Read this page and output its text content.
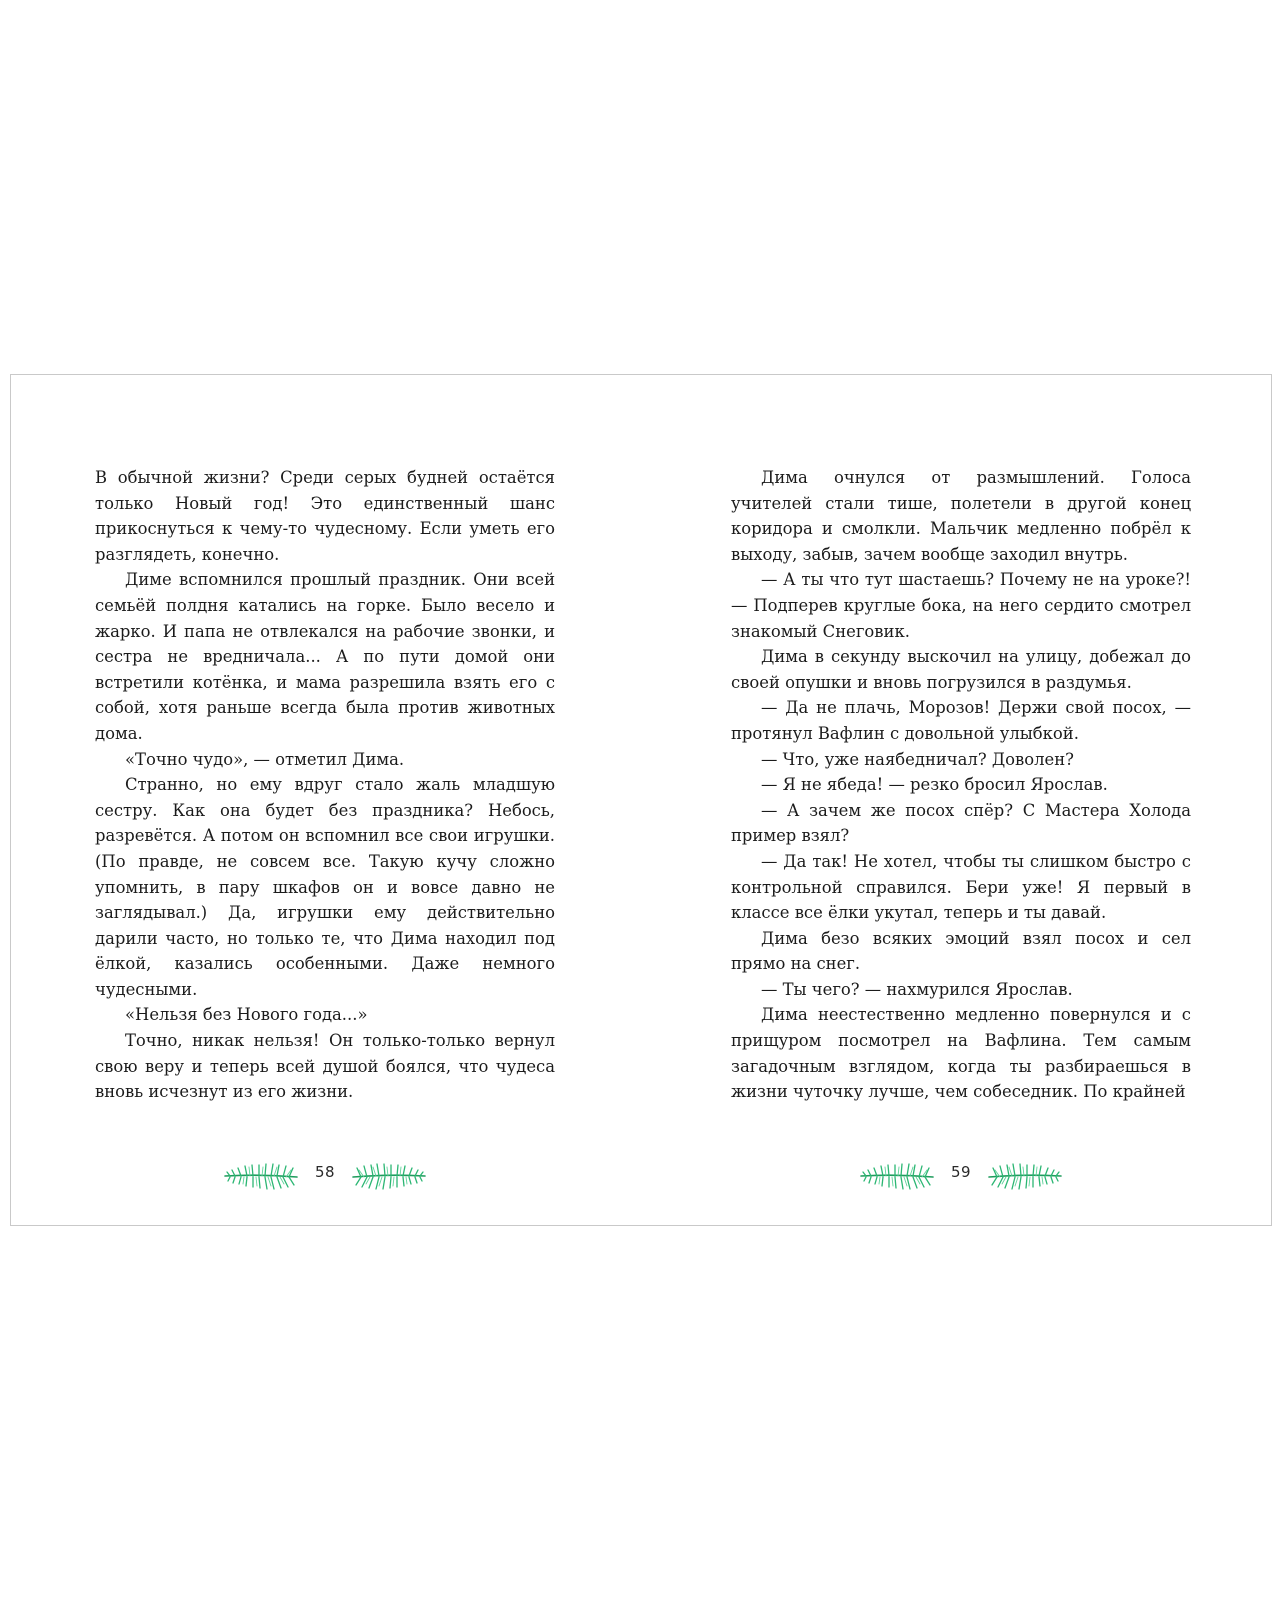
В обычной жизни? Среди серых будней остаётся только Новый год! Это единственный шанс прикоснуться к чему-то чудесному. Если уметь его разглядеть, конечно.

Диме вспомнился прошлый праздник. Они всей семьёй полдня катались на горке. Было весело и жарко. И папа не отвлекался на рабочие звонки, и сестра не вредничала... А по пути домой они встретили котёнка, и мама разрешила взять его с собой, хотя раньше всегда была против животных дома.

«Точно чудо», — отметил Дима.

Странно, но ему вдруг стало жаль младшую сестру. Как она будет без праздника? Небось, разревётся. А потом он вспомнил все свои игрушки. (По правде, не совсем все. Такую кучу сложно упомнить, в пару шкафов он и вовсе давно не заглядывал.) Да, игрушки ему действительно дарили часто, но только те, что Дима находил под ёлкой, казались особенными. Даже немного чудесными.

«Нельзя без Нового года...»

Точно, никак нельзя! Он только-только вернул свою веру и теперь всей душой боялся, что чудеса вновь исчезнут из его жизни.

Дима очнулся от размышлений. Голоса учителей стали тише, полетели в другой конец коридора и смолкли. Мальчик медленно побрёл к выходу, забыв, зачем вообще заходил внутрь.

— А ты что тут шастаешь? Почему не на уроке?! — Подперев круглые бока, на него сердито смотрел знакомый Снеговик.

Дима в секунду выскочил на улицу, добежал до своей опушки и вновь погрузился в раздумья.

— Да не плачь, Морозов! Держи свой посох, — протянул Вафлин с довольной улыбкой.

— Что, уже наябедничал? Доволен?

— Я не ябеда! — резко бросил Ярослав.

— А зачем же посох спёр? С Мастера Холода пример взял?

— Да так! Не хотел, чтобы ты слишком быстро с контрольной справился. Бери уже! Я первый в классе все ёлки укутал, теперь и ты давай.

Дима безо всяких эмоций взял посох и сел прямо на снег.

— Ты чего? — нахмурился Ярослав.

Дима неестественно медленно повернулся и с прищуром посмотрел на Вафлина. Тем самым загадочным взглядом, когда ты разбираешься в жизни чуточку лучше, чем собеседник. По крайней

58	59
